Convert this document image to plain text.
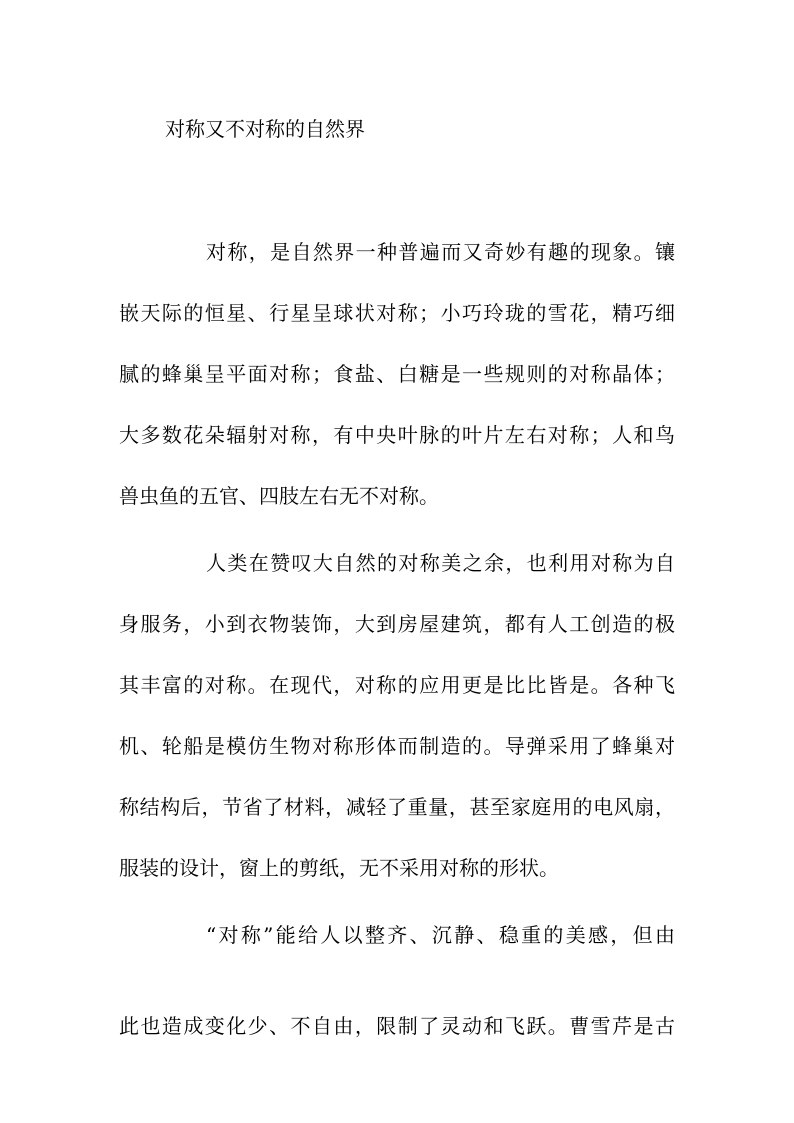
对称又不对称的自然界

对称，是自然界一种普遍而又奇妙有趣的现象。镶

嵌天际的恒星、行星呈球状对称；小巧玲珑的雪花，精巧细

腻的蜂巢呈平面对称；食盐、白糖是一些规则的对称晶体；

大多数花朵辐射对称，有中央叶脉的叶片左右对称；人和鸟

兽虫鱼的五官、四肢左右无不对称。

人类在赞叹大自然的对称美之余，也利用对称为自

身服务，小到衣物装饰，大到房屋建筑，都有人工创造的极

其丰富的对称。在现代，对称的应用更是比比皆是。各种飞

机、轮船是模仿生物对称形体而制造的。导弹采用了蜂巢对

称结构后，节省了材料，减轻了重量，甚至家庭用的电风扇，

服装的设计，窗上的剪纸，无不采用对称的形状。

“对称”能给人以整齐、沉静、稳重的美感，但由

此也造成变化少、不自由，限制了灵动和飞跃。曹雪芹是古
